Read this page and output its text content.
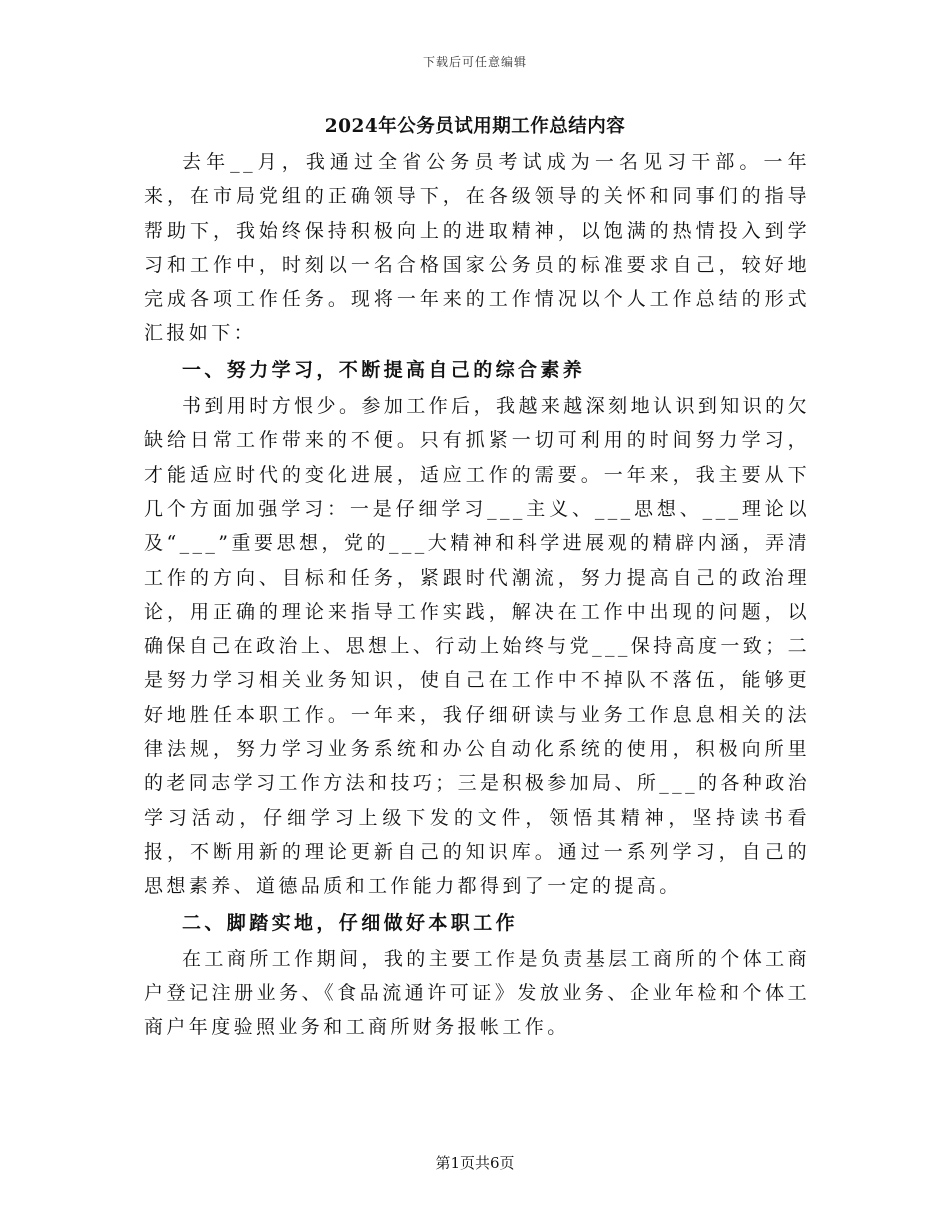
下载后可任意编辑
2024年公务员试用期工作总结内容

去年__月，我通过全省公务员考试成为一名见习干部。一年来，在市局党组的正确领导下，在各级领导的关怀和同事们的指导帮助下，我始终保持积极向上的进取精神，以饱满的热情投入到学习和工作中，时刻以一名合格国家公务员的标准要求自己，较好地完成各项工作任务。现将一年来的工作情况以个人工作总结的形式汇报如下：

一、努力学习，不断提高自己的综合素养

书到用时方恨少。参加工作后，我越来越深刻地认识到知识的欠缺给日常工作带来的不便。只有抓紧一切可利用的时间努力学习，才能适应时代的变化进展，适应工作的需要。一年来，我主要从下几个方面加强学习：一是仔细学习___主义、___思想、___理论以及“___”重要思想，党的___大精神和科学进展观的精辟内涵，弄清工作的方向、目标和任务，紧跟时代潮流，努力提高自己的政治理论，用正确的理论来指导工作实践，解决在工作中出现的问题，以确保自己在政治上、思想上、行动上始终与党___保持高度一致；二是努力学习相关业务知识，使自己在工作中不掉队不落伍，能够更好地胜任本职工作。一年来，我仔细研读与业务工作息息相关的法律法规，努力学习业务系统和办公自动化系统的使用，积极向所里的老同志学习工作方法和技巧；三是积极参加局、所___的各种政治学习活动，仔细学习上级下发的文件，领悟其精神，坚持读书看报，不断用新的理论更新自己的知识库。通过一系列学习，自己的思想素养、道德品质和工作能力都得到了一定的提高。

二、脚踏实地，仔细做好本职工作

在工商所工作期间，我的主要工作是负责基层工商所的个体工商户登记注册业务、《食品流通许可证》发放业务、企业年检和个体工商户年度验照业务和工商所财务报帐工作。

第1页共6页
